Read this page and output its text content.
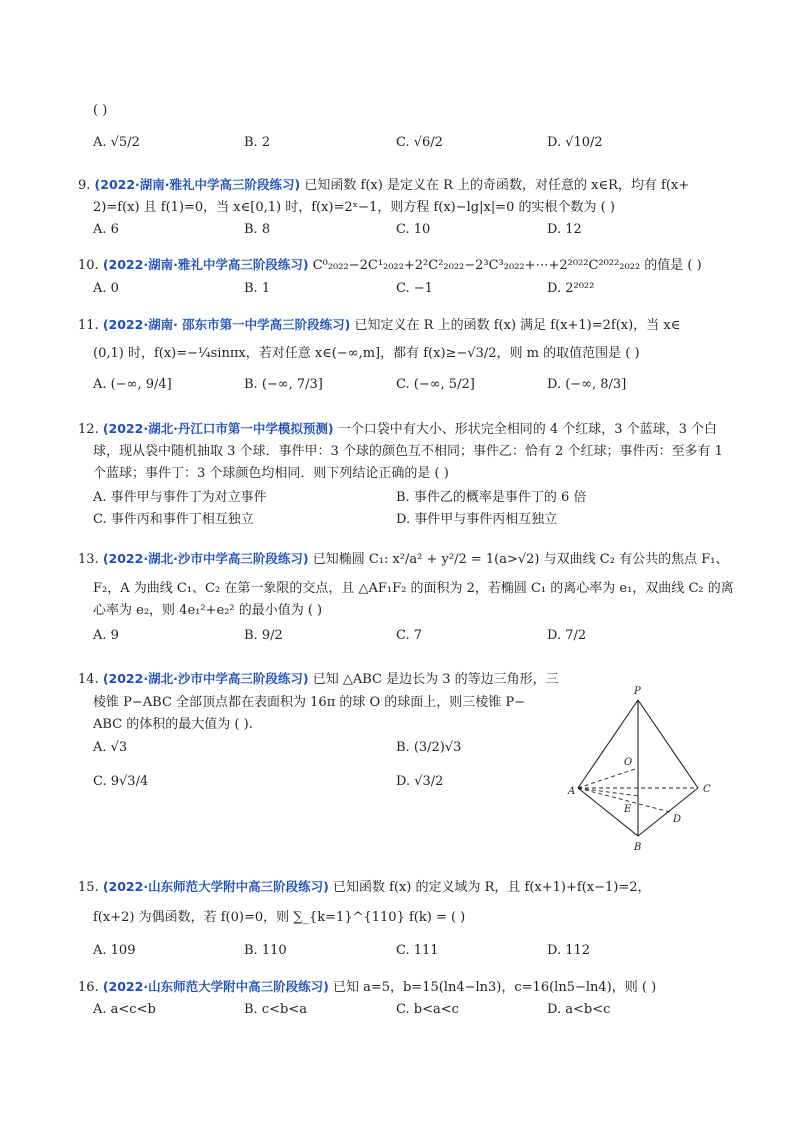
( )
A. √5/2	B. 2	C. √6/2	D. √10/2
9. (2022·湖南·雅礼中学高三阶段练习) 已知函数 f(x) 是定义在 R 上的奇函数，对任意的 x∈R，均有 f(x+
2)=f(x) 且 f(1)=0，当 x∈[0,1) 时，f(x)=2ˣ−1，则方程 f(x)−lg|x|=0 的实根个数为 ( )
A. 6	B. 8	C. 10	D. 12
10. (2022·湖南·雅礼中学高三阶段练习) C⁰₂₀₂₂−2C¹₂₀₂₂+2²C²₂₀₂₂−2³C³₂₀₂₂+⋯+2²⁰²²C²⁰²²₂₀₂₂ 的值是 ( )
A. 0	B. 1	C. −1	D. 2²⁰²²
11. (2022·湖南· 邵东市第一中学高三阶段练习) 已知定义在 R 上的函数 f(x) 满足 f(x+1)=2f(x)，当 x∈
(0,1) 时，f(x)=−¼sinπx，若对任意 x∈(−∞,m]，都有 f(x)≥−√3/2，则 m 的取值范围是 ( )
A. (−∞, 9/4]	B. (−∞, 7/3]	C. (−∞, 5/2]	D. (−∞, 8/3]
12. (2022·湖北·丹江口市第一中学模拟预测) 一个口袋中有大小、形状完全相同的 4 个红球，3 个蓝球，3 个白
球，现从袋中随机抽取 3 个球．事件甲：3 个球的颜色互不相同；事件乙：恰有 2 个红球；事件丙：至多有 1
个蓝球；事件丁：3 个球颜色均相同．则下列结论正确的是 ( )
A. 事件甲与事件丁为对立事件	B. 事件乙的概率是事件丁的 6 倍
C. 事件丙和事件丁相互独立	D. 事件甲与事件丙相互独立
13. (2022·湖北·沙市中学高三阶段练习) 已知椭圆 C₁: x²/a² + y²/2 = 1(a>√2) 与双曲线 C₂ 有公共的焦点 F₁、
F₂，A 为曲线 C₁、C₂ 在第一象限的交点，且 △AF₁F₂ 的面积为 2，若椭圆 C₁ 的离心率为 e₁，双曲线 C₂ 的离
心率为 e₂，则 4e₁²+e₂² 的最小值为 ( )
A. 9	B. 9/2	C. 7	D. 7/2
14. (2022·湖北·沙市中学高三阶段练习) 已知 △ABC 是边长为 3 的等边三角形，三
棱锥 P−ABC 全部顶点都在表面积为 16π 的球 O 的球面上，则三棱锥 P−
ABC 的体积的最大值为 ( ).
A. √3	B. (3/2)√3
C. 9√3/4	D. √3/2
P
O
A	C
E
D
B
15. (2022·山东师范大学附中高三阶段练习) 已知函数 f(x) 的定义域为 R，且 f(x+1)+f(x−1)=2，
f(x+2) 为偶函数，若 f(0)=0，则 ∑_{k=1}^{110} f(k) = ( )
A. 109	B. 110	C. 111	D. 112
16. (2022·山东师范大学附中高三阶段练习) 已知 a=5，b=15(ln4−ln3)，c=16(ln5−ln4)，则 ( )
A. a<c<b	B. c<b<a	C. b<a<c	D. a<b<c
